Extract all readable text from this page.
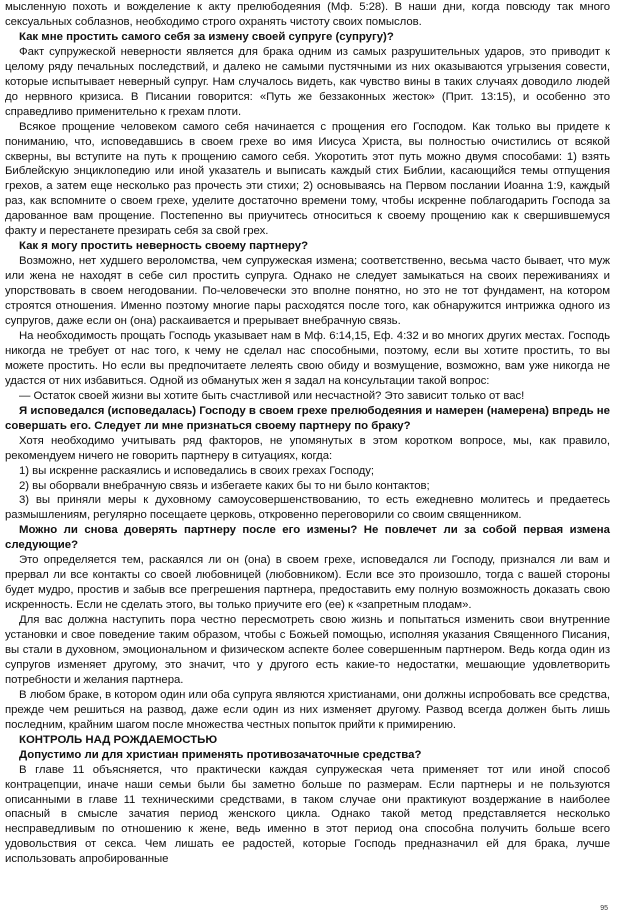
мысленную похоть и вожделение к акту прелюбодеяния (Мф. 5:28). В наши дни, когда повсюду так много сексуальных соблазнов, необходимо строго охранять чистоту своих помыслов.

Как мне простить самого себя за измену своей супруге (супругу)?

Факт супружеской неверности является для брака одним из самых разрушительных ударов, это приводит к целому ряду печальных последствий, и далеко не самыми пустячными из них оказываются угрызения совести, которые испытывает неверный супруг. Нам случалось видеть, как чувство вины в таких случаях доводило людей до нервного кризиса. В Писании говорится: «Путь же беззаконных жесток» (Прит. 13:15), и особенно это справедливо применительно к грехам плоти.

Всякое прощение человеком самого себя начинается с прощения его Господом. Как только вы придете к пониманию, что, исповедавшись в своем грехе во имя Иисуса Христа, вы полностью очистились от всякой скверны, вы вступите на путь к прощению самого себя. Укоротить этот путь можно двумя способами: 1) взять Библейскую энциклопедию или иной указатель и выписать каждый стих Библии, касающийся темы отпущения грехов, а затем еще несколько раз прочесть эти стихи; 2) основываясь на Первом послании Иоанна 1:9, каждый раз, как вспомните о своем грехе, уделите достаточно времени тому, чтобы искренне поблагодарить Господа за дарованное вам прощение. Постепенно вы приучитесь относиться к своему прощению как к свершившемуся факту и перестанете презирать себя за свой грех.

Как я могу простить неверность своему партнеру?

Возможно, нет худшего вероломства, чем супружеская измена; соответственно, весьма часто бывает, что муж или жена не находят в себе сил простить супруга. Однако не следует замыкаться на своих переживаниях и упорствовать в своем негодовании. По-человечески это вполне понятно, но это не тот фундамент, на котором строятся отношения. Именно поэтому многие пары расходятся после того, как обнаружится интрижка одного из супругов, даже если он (она) раскаивается и прерывает внебрачную связь.

На необходимость прощать Господь указывает нам в Мф. 6:14,15, Еф. 4:32 и во многих других местах. Господь никогда не требует от нас того, к чему не сделал нас способными, поэтому, если вы хотите простить, то вы можете простить. Но если вы предпочитаете лелеять свою обиду и возмущение, возможно, вам уже никогда не удастся от них избавиться. Одной из обманутых жен я задал на консультации такой вопрос:

— Остаток своей жизни вы хотите быть счастливой или несчастной? Это зависит только от вас!

Я исповедался (исповедалась) Господу в своем грехе прелюбодеяния и намерен (намерена) впредь не совершать его. Следует ли мне признаться своему партнеру по браку?

Хотя необходимо учитывать ряд факторов, не упомянутых в этом коротком вопросе, мы, как правило, рекомендуем ничего не говорить партнеру в ситуациях, когда:

1) вы искренне раскаялись и исповедались в своих грехах Господу;

2) вы оборвали внебрачную связь и избегаете каких бы то ни было контактов;

3) вы приняли меры к духовному самоусовершенствованию, то есть ежедневно молитесь и предаетесь размышлениям, регулярно посещаете церковь, откровенно переговорили со своим священником.

Можно ли снова доверять партнеру после его измены? Не повлечет ли за собой первая измена следующие?

Это определяется тем, раскаялся ли он (она) в своем грехе, исповедался ли Господу, признался ли вам и прервал ли все контакты со своей любовницей (любовником). Если все это произошло, тогда с вашей стороны будет мудро, простив и забыв все прегрешения партнера, предоставить ему полную возможность доказать свою искренность. Если не сделать этого, вы только приучите его (ее) к «запретным плодам».

Для вас должна наступить пора честно пересмотреть свою жизнь и попытаться изменить свои внутренние установки и свое поведение таким образом, чтобы с Божьей помощью, исполняя указания Священного Писания, вы стали в духовном, эмоциональном и физическом аспекте более совершенным партнером. Ведь когда один из супругов изменяет другому, это значит, что у другого есть какие-то недостатки, мешающие удовлетворить потребности и желания партнера.

В любом браке, в котором один или оба супруга являются христианами, они должны испробовать все средства, прежде чем решиться на развод, даже если один из них изменяет другому. Развод всегда должен быть лишь последним, крайним шагом после множества честных попыток прийти к примирению.

КОНТРОЛЬ НАД РОЖДАЕМОСТЬЮ

Допустимо ли для христиан применять противозачаточные средства?

В главе 11 объясняется, что практически каждая супружеская чета применяет тот или иной способ контрацепции, иначе наши семьи были бы заметно больше по размерам. Если партнеры и не пользуются описанными в главе 11 техническими средствами, в таком случае они практикуют воздержание в наиболее опасный в смысле зачатия период женского цикла. Однако такой метод представляется несколько несправедливым по отношению к жене, ведь именно в этот период она способна получить больше всего удовольствия от секса. Чем лишать ее радостей, которые Господь предназначил ей для брака, лучше использовать апробированные

95
